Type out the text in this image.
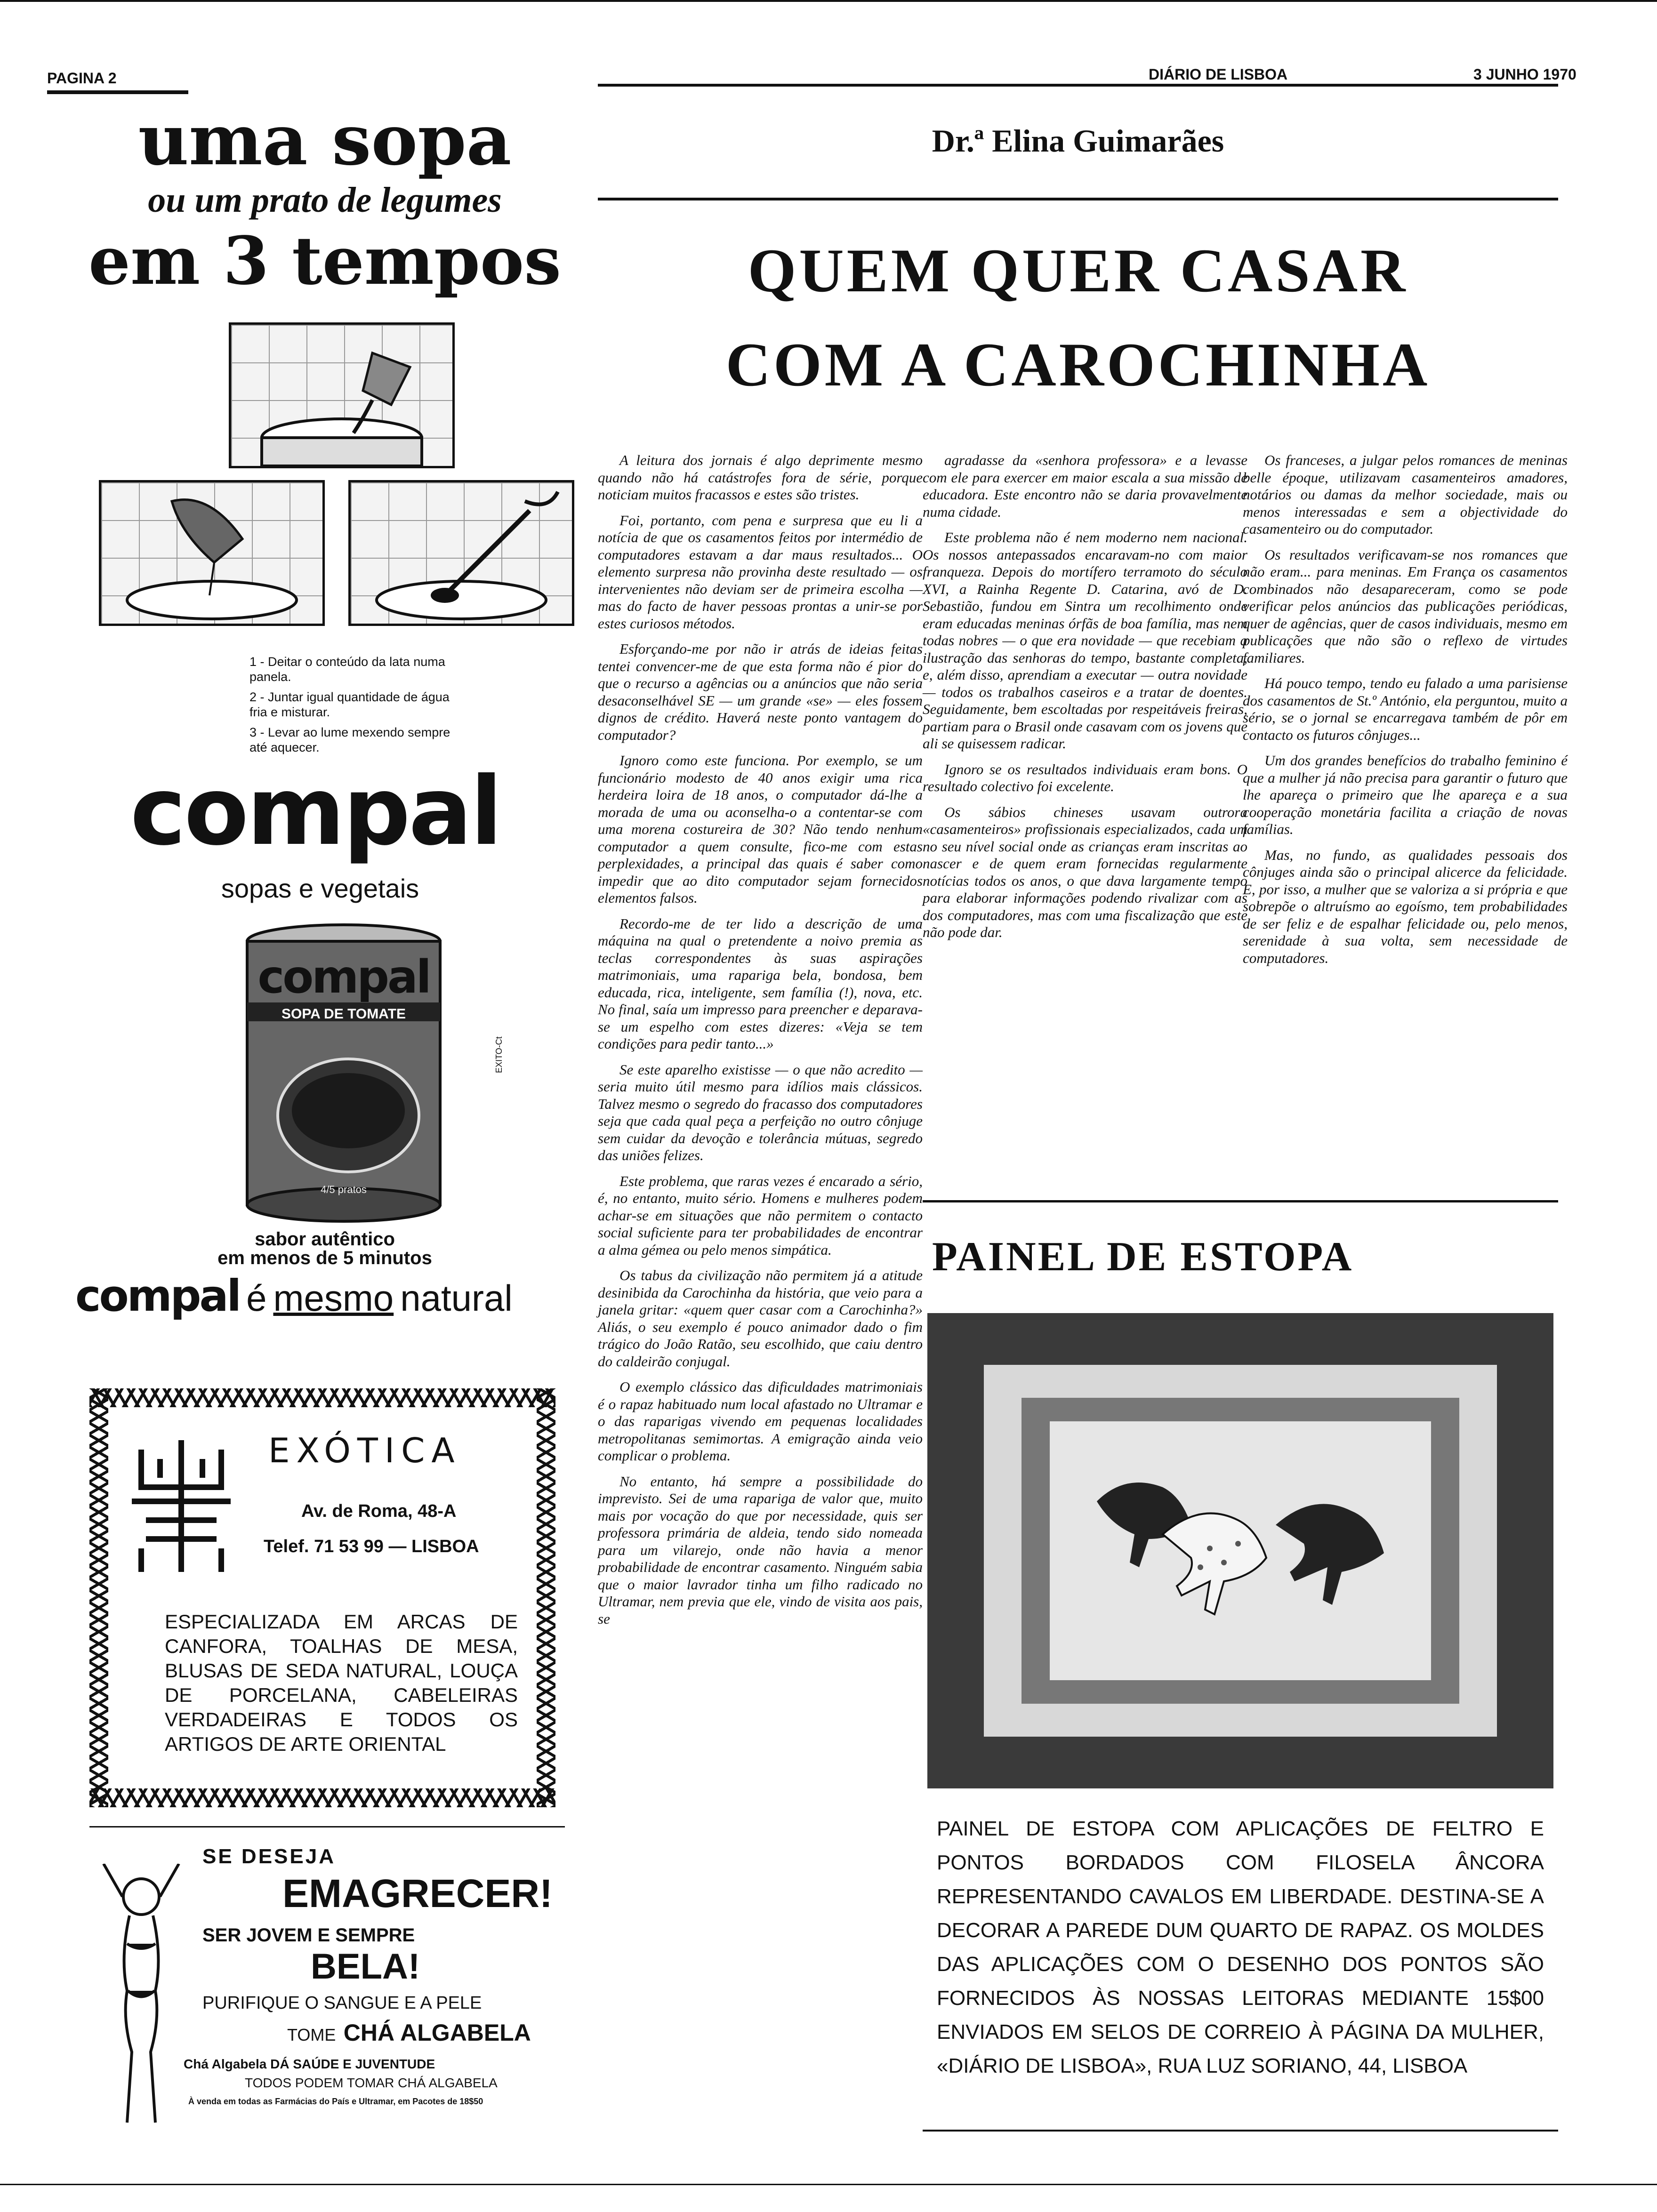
PAGINA 2	DIÁRIO DE LISBOA	3 JUNHO 1970
uma sopa
ou um prato de legumes
em 3 tempos
1 - Deitar o conteúdo da lata numa panela.
2 - Juntar igual quantidade de água fria e misturar.
3 - Levar ao lume mexendo sempre até aquecer.
compal
sopas e vegetais
compal
SOPA DE TOMATE
4/5 pratos
EXITO-Ct
sabor autêntico
em menos de 5 minutos
compal é mesmo natural
EXÓTICA
Av. de Roma, 48-A
Telef. 71 53 99 — LISBOA
ESPECIALIZADA EM ARCAS DE CANFORA, TOALHAS DE MESA, BLUSAS DE SEDA NATURAL, LOUÇA DE PORCELANA, CABELEIRAS VERDADEIRAS E TODOS OS ARTIGOS DE ARTE ORIENTAL
SE DESEJA
EMAGRECER!
SER JOVEM E SEMPRE
BELA!
PURIFIQUE O SANGUE E A PELE
TOME CHÁ ALGABELA
Chá Algabela DÁ SAÚDE E JUVENTUDE
TODOS PODEM TOMAR CHÁ ALGABELA
À venda em todas as Farmácias do País e Ultramar, em Pacotes de 18$50
Dr.ª Elina Guimarães
QUEM QUER CASAR
COM A CAROCHINHA

A leitura dos jornais é algo deprimente mesmo quando não há catástrofes fora de série, porque noticiam muitos fracassos e estes são tristes.

Foi, portanto, com pena e surpresa que eu li a notícia de que os casamentos feitos por intermédio de computadores estavam a dar maus resultados... O elemento surpresa não provinha deste resultado — os intervenientes não deviam ser de primeira escolha — mas do facto de haver pessoas prontas a unir-se por estes curiosos métodos.

Esforçando-me por não ir atrás de ideias feitas tentei convencer-me de que esta forma não é pior do que o recurso a agências ou a anúncios que não seria desaconselhável SE — um grande «se» — eles fossem dignos de crédito. Haverá neste ponto vantagem do computador?

Ignoro como este funciona. Por exemplo, se um funcionário modesto de 40 anos exigir uma rica herdeira loira de 18 anos, o computador dá-lhe a morada de uma ou aconselha-o a contentar-se com uma morena costureira de 30? Não tendo nenhum computador a quem consulte, fico-me com estas perplexidades, a principal das quais é saber como impedir que ao dito computador sejam fornecidos elementos falsos.

Recordo-me de ter lido a descrição de uma máquina na qual o pretendente a noivo premia as teclas correspondentes às suas aspirações matrimoniais, uma rapariga bela, bondosa, bem educada, rica, inteligente, sem família (!), nova, etc. No final, saía um impresso para preencher e deparava-se um espelho com estes dizeres: «Veja se tem condições para pedir tanto...»

Se este aparelho existisse — o que não acredito — seria muito útil mesmo para idílios mais clássicos. Talvez mesmo o segredo do fracasso dos computadores seja que cada qual peça a perfeição no outro cônjuge sem cuidar da devoção e tolerância mútuas, segredo das uniões felizes.

Este problema, que raras vezes é encarado a sério, é, no entanto, muito sério. Homens e mulheres podem achar-se em situações que não permitem o contacto social suficiente para ter probabilidades de encontrar a alma gémea ou pelo menos simpática.

Os tabus da civilização não permitem já a atitude desinibida da Carochinha da história, que veio para a janela gritar: «quem quer casar com a Carochinha?» Aliás, o seu exemplo é pouco animador dado o fim trágico do João Ratão, seu escolhido, que caiu dentro do caldeirão conjugal.

O exemplo clássico das dificuldades matrimoniais é o rapaz habituado num local afastado no Ultramar e o das raparigas vivendo em pequenas localidades metropolitanas semimortas. A emigração ainda veio complicar o problema.

No entanto, há sempre a possibilidade do imprevisto. Sei de uma rapariga de valor que, muito mais por vocação do que por necessidade, quis ser professora primária de aldeia, tendo sido nomeada para um vilarejo, onde não havia a menor probabilidade de encontrar casamento. Ninguém sabia que o maior lavrador tinha um filho radicado no Ultramar, nem previa que ele, vindo de visita aos pais, se

agradasse da «senhora professora» e a levasse com ele para exercer em maior escala a sua missão de educadora. Este encontro não se daria provavelmente numa cidade.

Este problema não é nem moderno nem nacional. Os nossos antepassados encaravam-no com maior franqueza. Depois do mortífero terramoto do século XVI, a Rainha Regente D. Catarina, avó de D. Sebastião, fundou em Sintra um recolhimento onde eram educadas meninas órfãs de boa família, mas nem todas nobres — o que era novidade — que recebiam a ilustração das senhoras do tempo, bastante completa, e, além disso, aprendiam a executar — outra novidade — todos os trabalhos caseiros e a tratar de doentes. Seguidamente, bem escoltadas por respeitáveis freiras, partiam para o Brasil onde casavam com os jovens que ali se quisessem radicar.

Ignoro se os resultados individuais eram bons. O resultado colectivo foi excelente.

Os sábios chineses usavam outrora «casamenteiros» profissionais especializados, cada um no seu nível social onde as crianças eram inscritas ao nascer e de quem eram fornecidas regularmente notícias todos os anos, o que dava largamente tempo para elaborar informações podendo rivalizar com as dos computadores, mas com uma fiscalização que este não pode dar.

Os franceses, a julgar pelos romances de meninas belle époque, utilizavam casamenteiros amadores, notários ou damas da melhor sociedade, mais ou menos interessadas e sem a objectividade do casamenteiro ou do computador.

Os resultados verificavam-se nos romances que não eram... para meninas. Em França os casamentos combinados não desapareceram, como se pode verificar pelos anúncios das publicações periódicas, quer de agências, quer de casos individuais, mesmo em publicações que não são o reflexo de virtudes familiares.

Há pouco tempo, tendo eu falado a uma parisiense dos casamentos de St.º António, ela perguntou, muito a sério, se o jornal se encarregava também de pôr em contacto os futuros cônjuges...

Um dos grandes benefícios do trabalho feminino é que a mulher já não precisa para garantir o futuro que lhe apareça o primeiro que lhe apareça e a sua cooperação monetária facilita a criação de novas famílias.

Mas, no fundo, as qualidades pessoais dos cônjuges ainda são o principal alicerce da felicidade. E, por isso, a mulher que se valoriza a si própria e que sobrepõe o altruísmo ao egoísmo, tem probabilidades de ser feliz e de espalhar felicidade ou, pelo menos, serenidade à sua volta, sem necessidade de computadores.

PAINEL DE ESTOPA
PAINEL DE ESTOPA COM APLICAÇÕES DE FELTRO E PONTOS BORDADOS COM FILOSELA ÂNCORA REPRESENTANDO CAVALOS EM LIBERDADE. DESTINA-SE A DECORAR A PAREDE DUM QUARTO DE RAPAZ. OS MOLDES DAS APLICAÇÕES COM O DESENHO DOS PONTOS SÃO FORNECIDOS ÀS NOSSAS LEITORAS MEDIANTE 15$00 ENVIADOS EM SELOS DE CORREIO À PÁGINA DA MULHER, «DIÁRIO DE LISBOA», RUA LUZ SORIANO, 44, LISBOA
